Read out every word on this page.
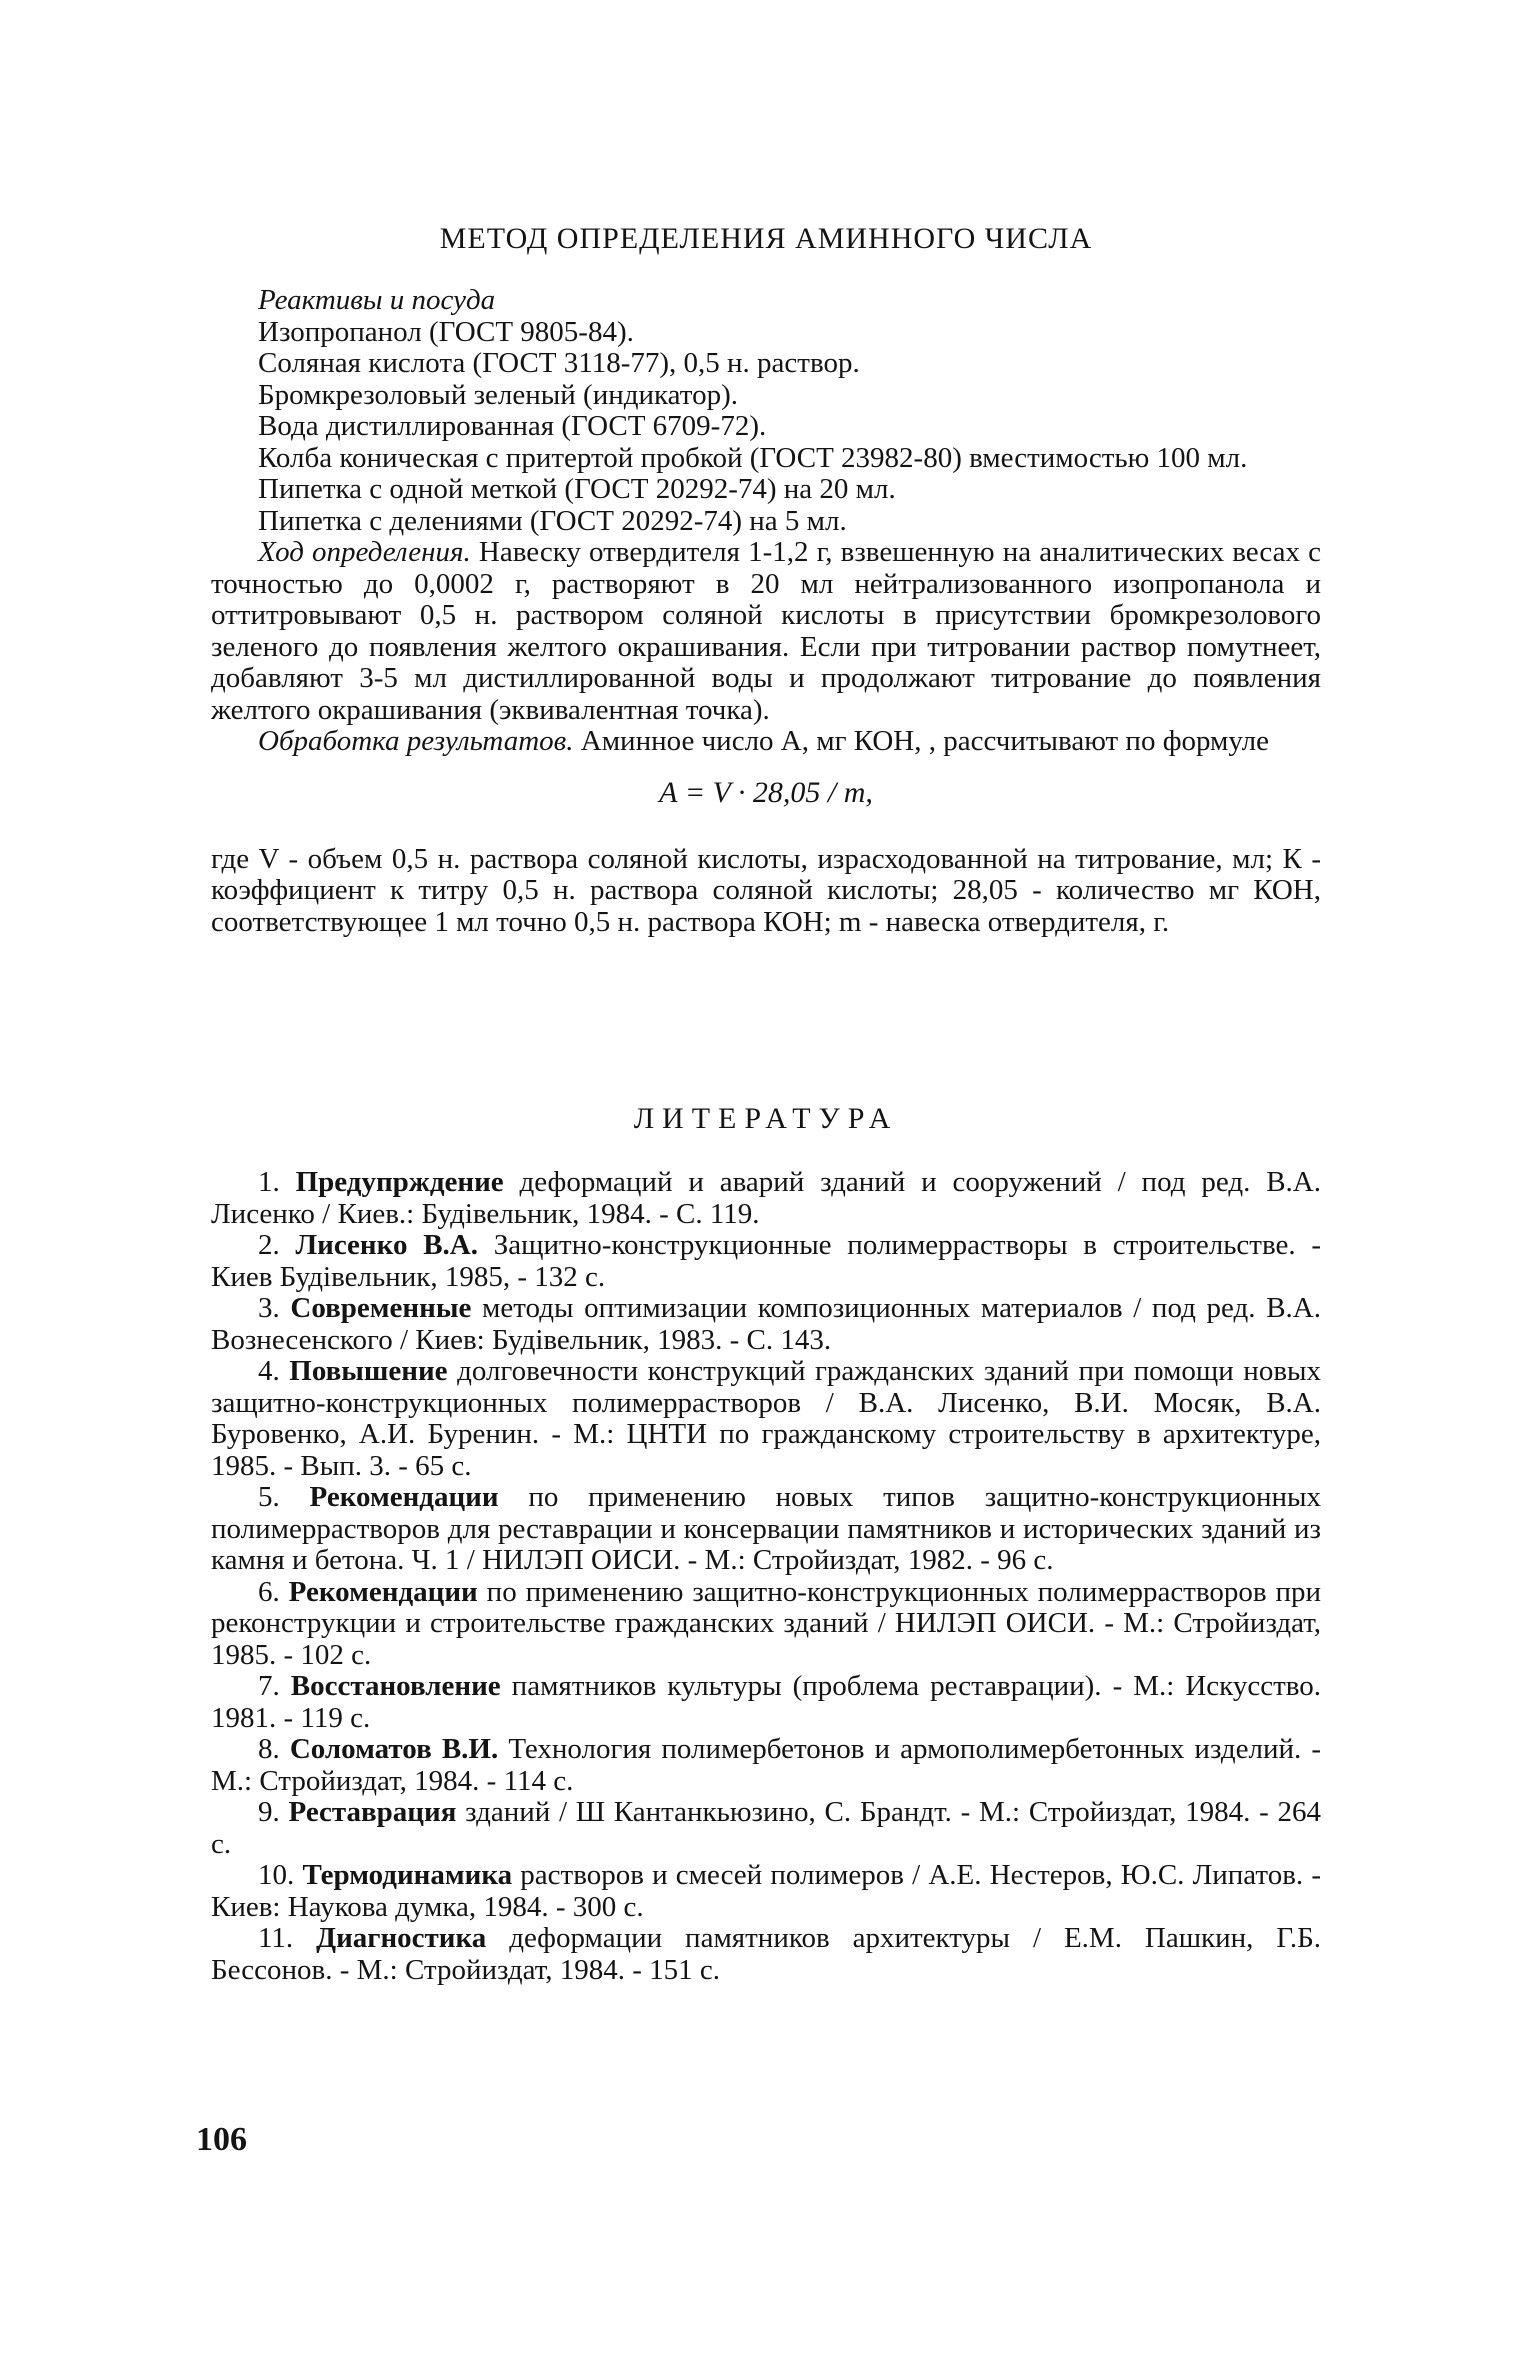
МЕТОД ОПРЕДЕЛЕНИЯ АМИННОГО ЧИСЛА

Реактивы и посуда

Изопропанол (ГОСТ 9805-84).

Соляная кислота (ГОСТ 3118-77), 0,5 н. раствор.

Бромкрезоловый зеленый (индикатор).

Вода дистиллированная (ГОСТ 6709-72).

Колба коническая с притертой пробкой (ГОСТ 23982-80) вместимостью 100 мл.

Пипетка с одной меткой (ГОСТ 20292-74) на 20 мл.

Пипетка с делениями (ГОСТ 20292-74) на 5 мл.

Ход определения. Навеску отвердителя 1-1,2 г, взвешенную на аналитических весах с точностью до 0,0002 г, растворяют в 20 мл нейтрализованного изопропанола и оттитровывают 0,5 н. раствором соляной кислоты в присутствии бромкрезолового зеленого до появления желтого окрашивания. Если при титровании раствор помутнеет, добавляют 3-5 мл дистиллированной воды и продолжают титрование до появления желтого окрашивания (эквивалентная точка).

Обработка результатов. Аминное число А, мг КОН, , рассчитывают по формуле

А = V · 28,05 / m,

где V - объем 0,5 н. раствора соляной кислоты, израсходованной на титрование, мл; К - коэффициент к титру 0,5 н. раствора соляной кислоты; 28,05 - количество мг КОН, соответствующее 1 мл точно 0,5 н. раствора КОН; m - навеска отвердителя, г.

ЛИТЕРАТУРА

1. Предупрждение деформаций и аварий зданий и сооружений / под ред. В.А. Лисенко / Киев.: Будiвельник, 1984. - С. 119.

2. Лисенко В.А. Защитно-конструкционные полимеррастворы в строительстве. - Киев Будiвельник, 1985, - 132 с.

3. Современные методы оптимизации композиционных материалов / под ред. В.А. Вознесенского / Киев: Будiвельник, 1983. - С. 143.

4. Повышение долговечности конструкций гражданских зданий при помощи новых защитно-конструкционных полимеррастворов / В.А. Лисенко, В.И. Мосяк, В.А. Буровенко, А.И. Буренин. - М.: ЦНТИ по гражданскому строительству в архитектуре, 1985. - Вып. 3. - 65 с.

5. Рекомендации по применению новых типов защитно-конструкционных полимеррастворов для реставрации и консервации памятников и исторических зданий из камня и бетона. Ч. 1 / НИЛЭП ОИСИ. - М.: Стройиздат, 1982. - 96 с.

6. Рекомендации по применению защитно-конструкционных полимеррастворов при реконструкции и строительстве гражданских зданий / НИЛЭП ОИСИ. - М.: Стройиздат, 1985. - 102 с.

7. Восстановление памятников культуры (проблема реставрации). - М.: Искусство. 1981. - 119 с.

8. Соломатов В.И. Технология полимербетонов и армополимербетонных изделий. - М.: Стройиздат, 1984. - 114 с.

9. Реставрация зданий / Ш Кантанкьюзино, С. Брандт. - М.: Стройиздат, 1984. - 264 с.

10. Термодинамика растворов и смесей полимеров / А.Е. Нестеров, Ю.С. Липатов. - Киев: Наукова думка, 1984. - 300 с.

11. Диагностика деформации памятников архитектуры / Е.М. Пашкин, Г.Б. Бессонов. - М.: Стройиздат, 1984. - 151 с.

106
